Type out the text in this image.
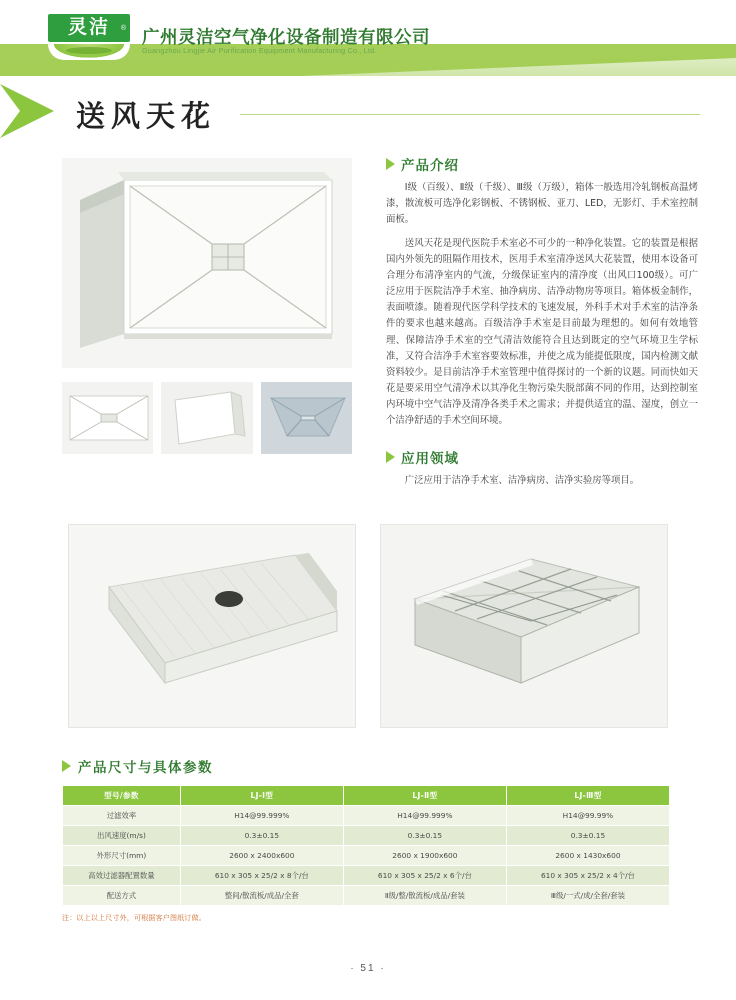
灵洁 ® 广州灵洁空气净化设备制造有限公司
Guangzhou Lingjie Air Purification Equipment Manufacturing Co., Ltd.
送风天花
产品介绍

Ⅰ级（百级）、Ⅱ级（千级）、Ⅲ级（万级），箱体一般选用冷轧钢板高温烤漆，散流板可选净化彩钢板、不锈钢板、亚刀、LED，无影灯、手术室控制面板。

送风天花是现代医院手术室必不可少的一种净化装置。它的装置是根据国内外领先的阻隔作用技术，医用手术室清净送风大花装置，使用本设备可合理分布清净室内的气流，分级保证室内的清净度（出风口100级）。可广泛应用于医院洁净手术室、抽净病房、洁净动物房等项目。箱体板金制作，表面喷漆。随着现代医学科学技术的飞速发展，外科手术对手术室的洁净条件的要求也越来越高。百级洁净手术室是目前最为理想的。如何有效地管理、保障洁净手术室的空气清洁效能符合且达到既定的空气环境卫生学标准，又符合洁净手术室容要效标准，并使之成为能提低限度，国内检测文献资料较少。是目前洁净手术室管理中值得探讨的一个新的议题。同而快如天花是要采用空气清净术以其净化生物污染失脱部菌不同的作用，达到控制室内环境中空气洁净及清净各类手术之需求；并提供适宜的温、湿度，创立一个洁净舒适的手术空间环境。

应用领域

广泛应用于洁净手术室、洁净病房、洁净实验房等项目。

产品尺寸与具体参数
型号/参数	LJ-Ⅰ型	LJ-Ⅱ型	LJ-Ⅲ型
过滤效率	H14@99.999%	H14@99.999%	H14@99.99%
出风速度(m/s)	0.3±0.15	0.3±0.15	0.3±0.15
外形尺寸(mm)	2600 x 2400x600	2600 x 1900x600	2600 x 1430x600
高效过滤器配置数量	610 x 305 x 25/2 x 8个/台	610 x 305 x 25/2 x 6个/台	610 x 305 x 25/2 x 4个/台
配送方式	整间/散流板/成品/全套	Ⅱ级/整/散流板/成品/套装	Ⅲ级/一式/成/全套/套装
注：以上以上尺寸外，可根据客户图纸订做。
· 51 ·
